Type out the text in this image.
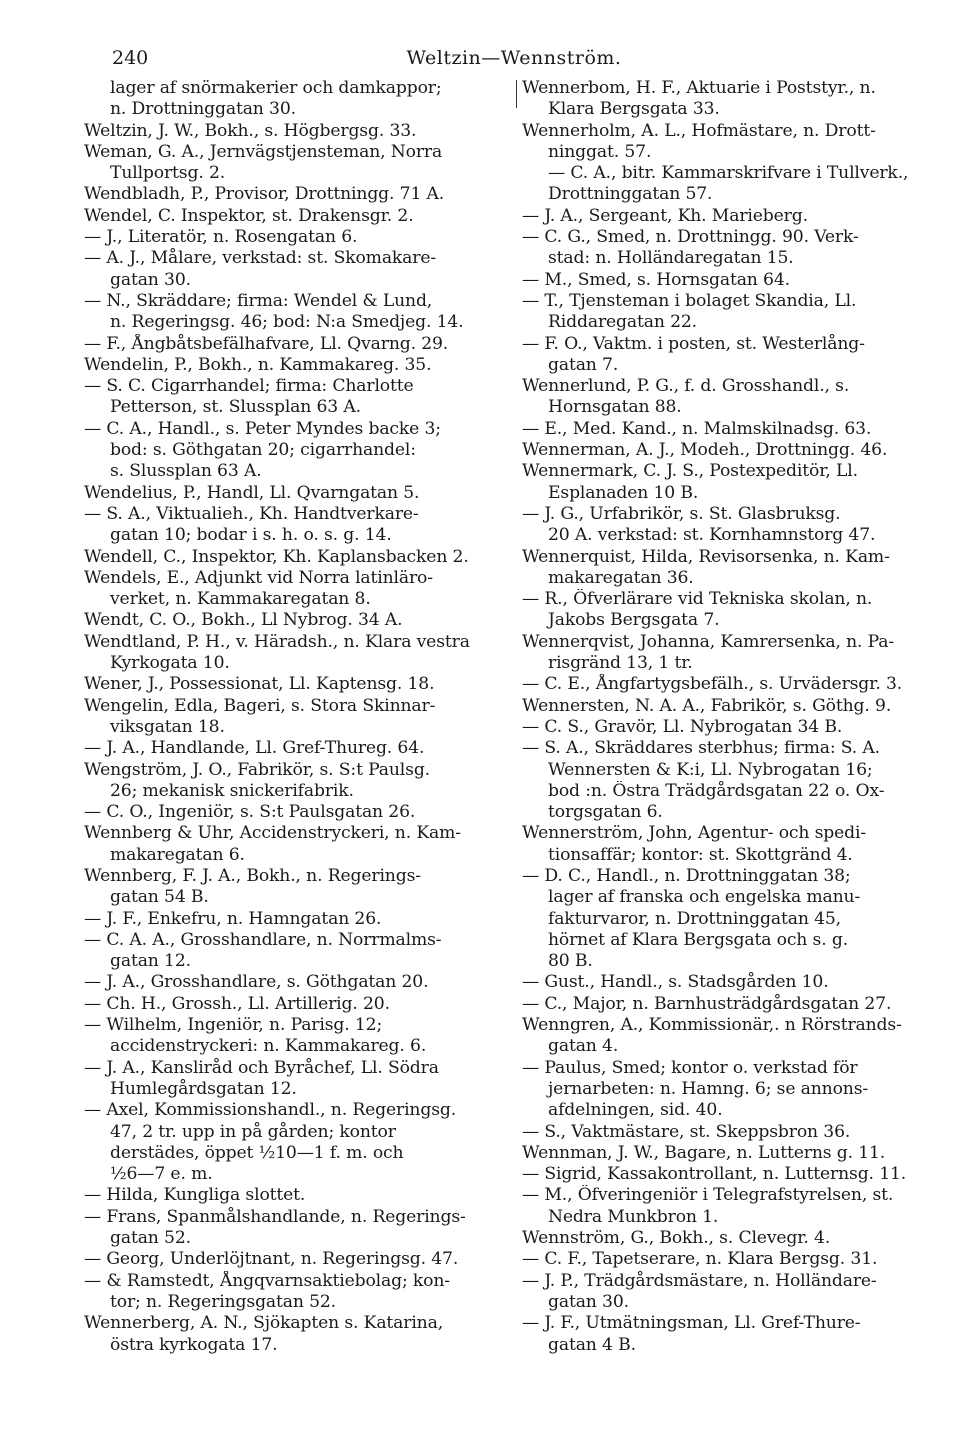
240	Weltzin—Wennström.
lager af snörmakerier och damkappor;
n. Drottninggatan 30.
Weltzin, J. W., Bokh., s. Högbergsg. 33.
Weman, G. A., Jernvägstjensteman, Norra
Tullportsg. 2.
Wendbladh, P., Provisor, Drottningg. 71 A.
Wendel, C. Inspektor, st. Drakensgr. 2.
— J., Literatör, n. Rosengatan 6.
— A. J., Målare, verkstad: st. Skomakare-
gatan 30.
— N., Skräddare; firma: Wendel & Lund,
n. Regeringsg. 46; bod: N:a Smedjeg. 14.
— F., Ångbåtsbefälhafvare, Ll. Qvarng. 29.
Wendelin, P., Bokh., n. Kammakareg. 35.
— S. C. Cigarrhandel; firma: Charlotte
Petterson, st. Slussplan 63 A.
— C. A., Handl., s. Peter Myndes backe 3;
bod: s. Göthgatan 20; cigarrhandel:
s. Slussplan 63 A.
Wendelius, P., Handl, Ll. Qvarngatan 5.
— S. A., Viktualieh., Kh. Handtverkare-
gatan 10; bodar i s. h. o. s. g. 14.
Wendell, C., Inspektor, Kh. Kaplansbacken 2.
Wendels, E., Adjunkt vid Norra latinläro-
verket, n. Kammakaregatan 8.
Wendt, C. O., Bokh., Ll Nybrog. 34 A.
Wendtland, P. H., v. Häradsh., n. Klara vestra
Kyrkogata 10.
Wener, J., Possessionat, Ll. Kaptensg. 18.
Wengelin, Edla, Bageri, s. Stora Skinnar-
viksgatan 18.
— J. A., Handlande, Ll. Gref-Thureg. 64.
Wengström, J. O., Fabrikör, s. S:t Paulsg.
26; mekanisk snickerifabrik.
— C. O., Ingeniör, s. S:t Paulsgatan 26.
Wennberg & Uhr, Accidenstryckeri, n. Kam-
makaregatan 6.
Wennberg, F. J. A., Bokh., n. Regerings-
gatan 54 B.
— J. F., Enkefru, n. Hamngatan 26.
— C. A. A., Grosshandlare, n. Norrmalms-
gatan 12.
— J. A., Grosshandlare, s. Göthgatan 20.
— Ch. H., Grossh., Ll. Artillerig. 20.
— Wilhelm, Ingeniör, n. Parisg. 12;
accidenstryckeri: n. Kammakareg. 6.
— J. A., Kansliråd och Byråchef, Ll. Södra
Humlegårdsgatan 12.
— Axel, Kommissionshandl., n. Regeringsg.
47, 2 tr. upp in på gården; kontor
derstädes, öppet ½10—1 f. m. och
½6—7 e. m.
— Hilda, Kungliga slottet.
— Frans, Spanmålshandlande, n. Regerings-
gatan 52.
— Georg, Underlöjtnant, n. Regeringsg. 47.
— & Ramstedt, Ångqvarnsaktiebolag; kon-
tor; n. Regeringsgatan 52.
Wennerberg, A. N., Sjökapten s. Katarina,
östra kyrkogata 17.
Wennerbom, H. F., Aktuarie i Poststyr., n.
Klara Bergsgata 33.
Wennerholm, A. L., Hofmästare, n. Drott-
ninggat. 57.
— C. A., bitr. Kammarskrifvare i Tullverk.,
Drottninggatan 57.
— J. A., Sergeant, Kh. Marieberg.
— C. G., Smed, n. Drottningg. 90. Verk-
stad: n. Holländaregatan 15.
— M., Smed, s. Hornsgatan 64.
— T., Tjensteman i bolaget Skandia, Ll.
Riddaregatan 22.
— F. O., Vaktm. i posten, st. Westerlång-
gatan 7.
Wennerlund, P. G., f. d. Grosshandl., s.
Hornsgatan 88.
— E., Med. Kand., n. Malmskilnadsg. 63.
Wennerman, A. J., Modeh., Drottningg. 46.
Wennermark, C. J. S., Postexpeditör, Ll.
Esplanaden 10 B.
— J. G., Urfabrikör, s. St. Glasbruksg.
20 A. verkstad: st. Kornhamnstorg 47.
Wennerquist, Hilda, Revisorsenka, n. Kam-
makaregatan 36.
— R., Öfverlärare vid Tekniska skolan, n.
Jakobs Bergsgata 7.
Wennerqvist, Johanna, Kamrersenka, n. Pa-
risgränd 13, 1 tr.
— C. E., Ångfartygsbefälh., s. Urvädersgr. 3.
Wennersten, N. A. A., Fabrikör, s. Göthg. 9.
— C. S., Gravör, Ll. Nybrogatan 34 B.
— S. A., Skräddares sterbhus; firma: S. A.
Wennersten & K:i, Ll. Nybrogatan 16;
bod :n. Östra Trädgårdsgatan 22 o. Ox-
torgsgatan 6.
Wennerström, John, Agentur- och spedi-
tionsaffär; kontor: st. Skottgränd 4.
— D. C., Handl., n. Drottninggatan 38;
lager af franska och engelska manu-
fakturvaror, n. Drottninggatan 45,
hörnet af Klara Bergsgata och s. g.
80 B.
— Gust., Handl., s. Stadsgården 10.
— C., Major, n. Barnhusträdgårdsgatan 27.
Wenngren, A., Kommissionär,. n Rörstrands-
gatan 4.
— Paulus, Smed; kontor o. verkstad för
jernarbeten: n. Hamng. 6; se annons-
afdelningen, sid. 40.
— S., Vaktmästare, st. Skeppsbron 36.
Wennman, J. W., Bagare, n. Lutterns g. 11.
— Sigrid, Kassakontrollant, n. Lutternsg. 11.
— M., Öfveringeniör i Telegrafstyrelsen, st.
Nedra Munkbron 1.
Wennström, G., Bokh., s. Clevegr. 4.
— C. F., Tapetserare, n. Klara Bergsg. 31.
— J. P., Trädgårdsmästare, n. Holländare-
gatan 30.
— J. F., Utmätningsman, Ll. Gref-Thure-
gatan 4 B.
